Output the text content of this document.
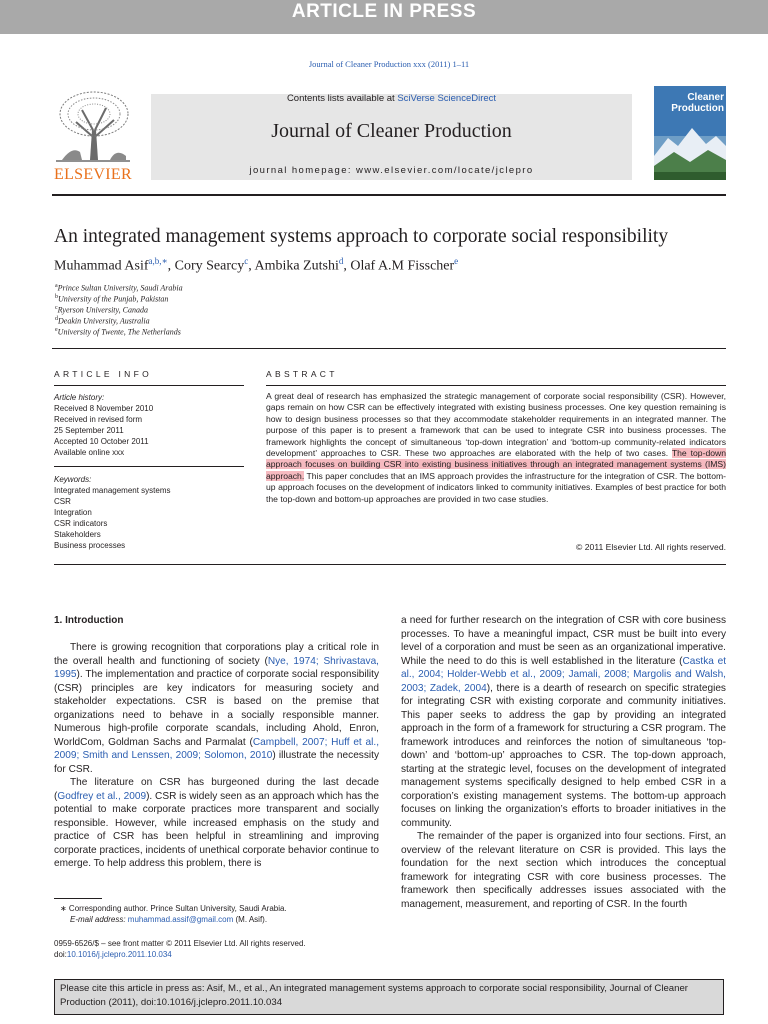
ARTICLE IN PRESS
Journal of Cleaner Production xxx (2011) 1–11
ELSEVIER
Contents lists available at SciVerse ScienceDirect
Journal of Cleaner Production
journal homepage: www.elsevier.com/locate/jclepro
Cleaner
Production
An integrated management systems approach to corporate social responsibility
Muhammad Asif$^{a,b,∗}$, Cory Searcy$^c$, Ambika Zutshi$^d$, Olaf A.M Fisscher$^e$
$^a$Prince Sultan University, Saudi Arabia
$^b$University of the Punjab, Pakistan
$^c$Ryerson University, Canada
$^d$Deakin University, Australia
$^e$University of Twente, The Netherlands
ARTICLE INFO
Article history:
Received 8 November 2010
Received in revised form
25 September 2011
Accepted 10 October 2011
Available online xxx
Keywords:
Integrated management systems
CSR
Integration
CSR indicators
Stakeholders
Business processes
ABSTRACT
A great deal of research has emphasized the strategic management of corporate social responsibility (CSR). However, gaps remain on how CSR can be effectively integrated with existing business processes. One key question remaining is how to design business processes so that they accommodate stakeholder requirements in an integrated manner. The purpose of this paper is to present a framework that can be used to integrate CSR into business processes. The framework highlights the concept of simultaneous ‘top-down integration’ and ‘bottom-up community-related indicators development’ approaches to CSR. These two approaches are elaborated with the help of two cases. The top-down approach focuses on building CSR into existing business initiatives through an integrated management systems (IMS) approach. This paper concludes that an IMS approach provides the infrastructure for the integration of CSR. The bottom-up approach focuses on the development of indicators linked to community initiatives. Examples of best practice for both the top-down and bottom-up approaches are provided in two case studies.
© 2011 Elsevier Ltd. All rights reserved.
1. Introduction

There is growing recognition that corporations play a critical role in the overall health and functioning of society (Nye, 1974; Shrivastava, 1995). The implementation and practice of corporate social responsibility (CSR) principles are key indicators for measuring society and stakeholder expectations. CSR is based on the premise that organizations need to behave in a socially responsible manner. Numerous high-profile corporate scandals, including Ahold, Enron, WorldCom, Goldman Sachs and Parmalat (Campbell, 2007; Huff et al., 2009; Smith and Lenssen, 2009; Solomon, 2010) illustrate the necessity for CSR.

The literature on CSR has burgeoned during the last decade (Godfrey et al., 2009). CSR is widely seen as an approach which has the potential to make corporate practices more transparent and socially responsible. However, while increased emphasis on the study and practice of CSR has been helpful in streamlining and improving corporate practices, incidents of unethical corporate behavior continue to emerge. To help address this problem, there is

a need for further research on the integration of CSR with core business processes. To have a meaningful impact, CSR must be built into every level of a corporation and must be seen as an organizational imperative. While the need to do this is well established in the literature (Castka et al., 2004; Holder-Webb et al., 2009; Jamali, 2008; Margolis and Walsh, 2003; Zadek, 2004), there is a dearth of research on specific strategies for integrating CSR with existing corporate and community initiatives. This paper seeks to address the gap by providing an integrated approach in the form of a framework for structuring a CSR program. The framework introduces and reinforces the notion of simultaneous ‘top-down’ and ‘bottom-up’ approaches to CSR. The top-down approach, starting at the strategic level, focuses on the development of integrated management systems specifically designed to help embed CSR in a corporation’s existing management systems. The bottom-up approach focuses on linking the organization’s efforts to broader initiatives in the community.

The remainder of the paper is organized into four sections. First, an overview of the relevant literature on CSR is provided. This lays the foundation for the next section which introduces the conceptual framework for integrating CSR with core business processes. The framework then specifically addresses issues associated with the management, measurement, and reporting of CSR. In the fourth

∗ Corresponding author. Prince Sultan University, Saudi Arabia.
E-mail address: muhammad.assif@gmail.com (M. Asif).
0959-6526/$ – see front matter © 2011 Elsevier Ltd. All rights reserved.
doi:10.1016/j.jclepro.2011.10.034
Please cite this article in press as: Asif, M., et al., An integrated management systems approach to corporate social responsibility, Journal of Cleaner Production (2011), doi:10.1016/j.jclepro.2011.10.034
